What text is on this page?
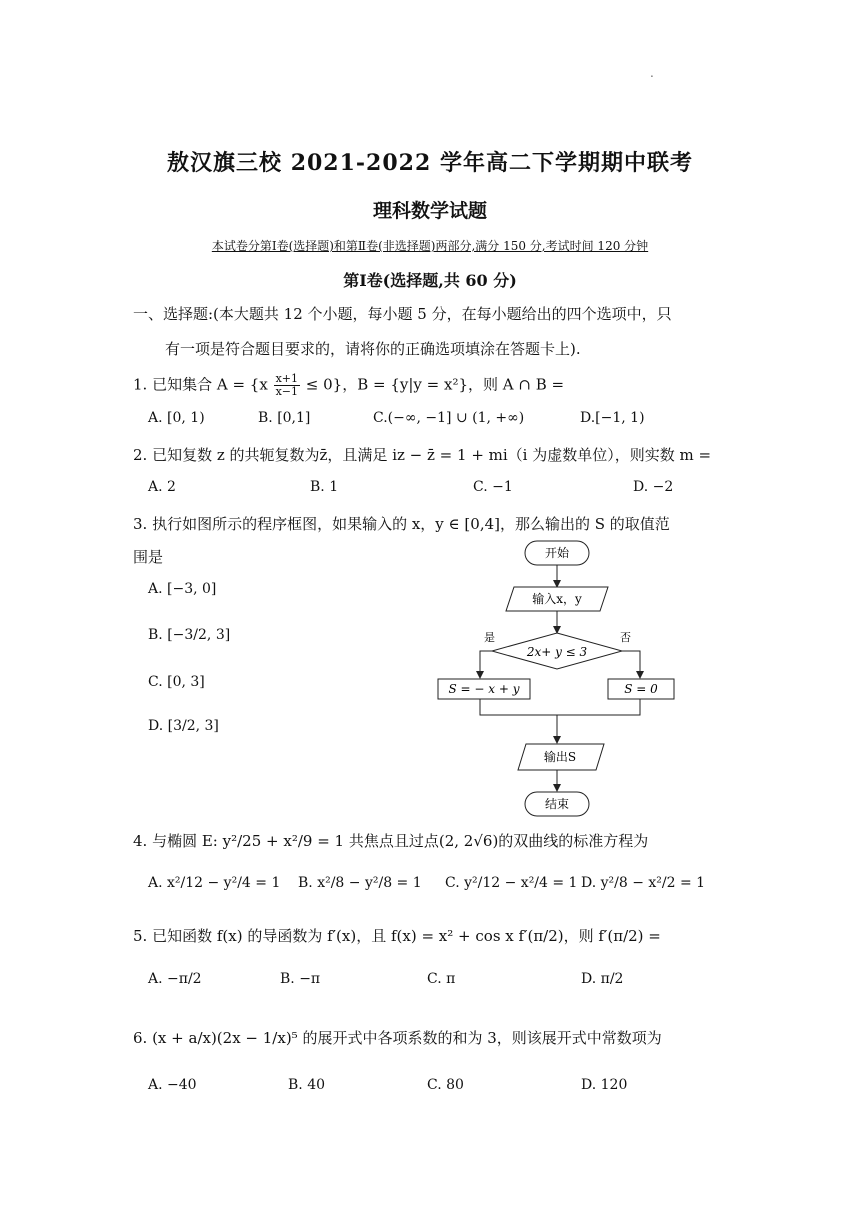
.
敖汉旗三校 2021-2022 学年高二下学期期中联考
理科数学试题
本试卷分第Ⅰ卷(选择题)和第Ⅱ卷(非选择题)两部分,满分 150 分,考试时间 120 分钟
第Ⅰ卷(选择题,共 60 分)
一、选择题:(本大题共 12 个小题，每小题 5 分，在每小题给出的四个选项中，只
有一项是符合题目要求的，请将你的正确选项填涂在答题卡上).
1. 已知集合 $A = \{x \frac{x+1}{x-1} \le 0\}$，B = {y|y = x²}，则 A ∩ B =
A. [0, 1)	B. [0,1]	C.(−∞, −1] ∪ (1, +∞)	D.[−1, 1)
2. 已知复数 z 的共轭复数为z̄，且满足 iz − z̄ = 1 + mi（i 为虚数单位），则实数 m =
A. 2	B. 1	C. −1	D. −2
3. 执行如图所示的程序框图，如果输入的 x，y ∈ [0,4]，那么输出的 S 的取值范
围是
A. [−3, 0]
B. [−3/2, 3]
C. [0, 3]
D. [3/2, 3]
开始
输入x，y
2x+ y ≤ 3
是	否
S = − x + y	S = 0
输出S
结束
4. 与椭圆 E: y²/25 + x²/9 = 1 共焦点且过点(2, 2√6)的双曲线的标准方程为
A. x²/12 − y²/4 = 1 B. x²/8 − y²/8 = 1 C. y²/12 − x²/4 = 1 D. y²/8 − x²/2 = 1
5. 已知函数 f(x) 的导函数为 f′(x)，且 f(x) = x² + cos x f′(π/2)，则 f′(π/2) =
A. −π/2	B. −π	C. π	D. π/2
6. (x + a/x)(2x − 1/x)⁵ 的展开式中各项系数的和为 3，则该展开式中常数项为
A. −40	B. 40	C. 80	D. 120
